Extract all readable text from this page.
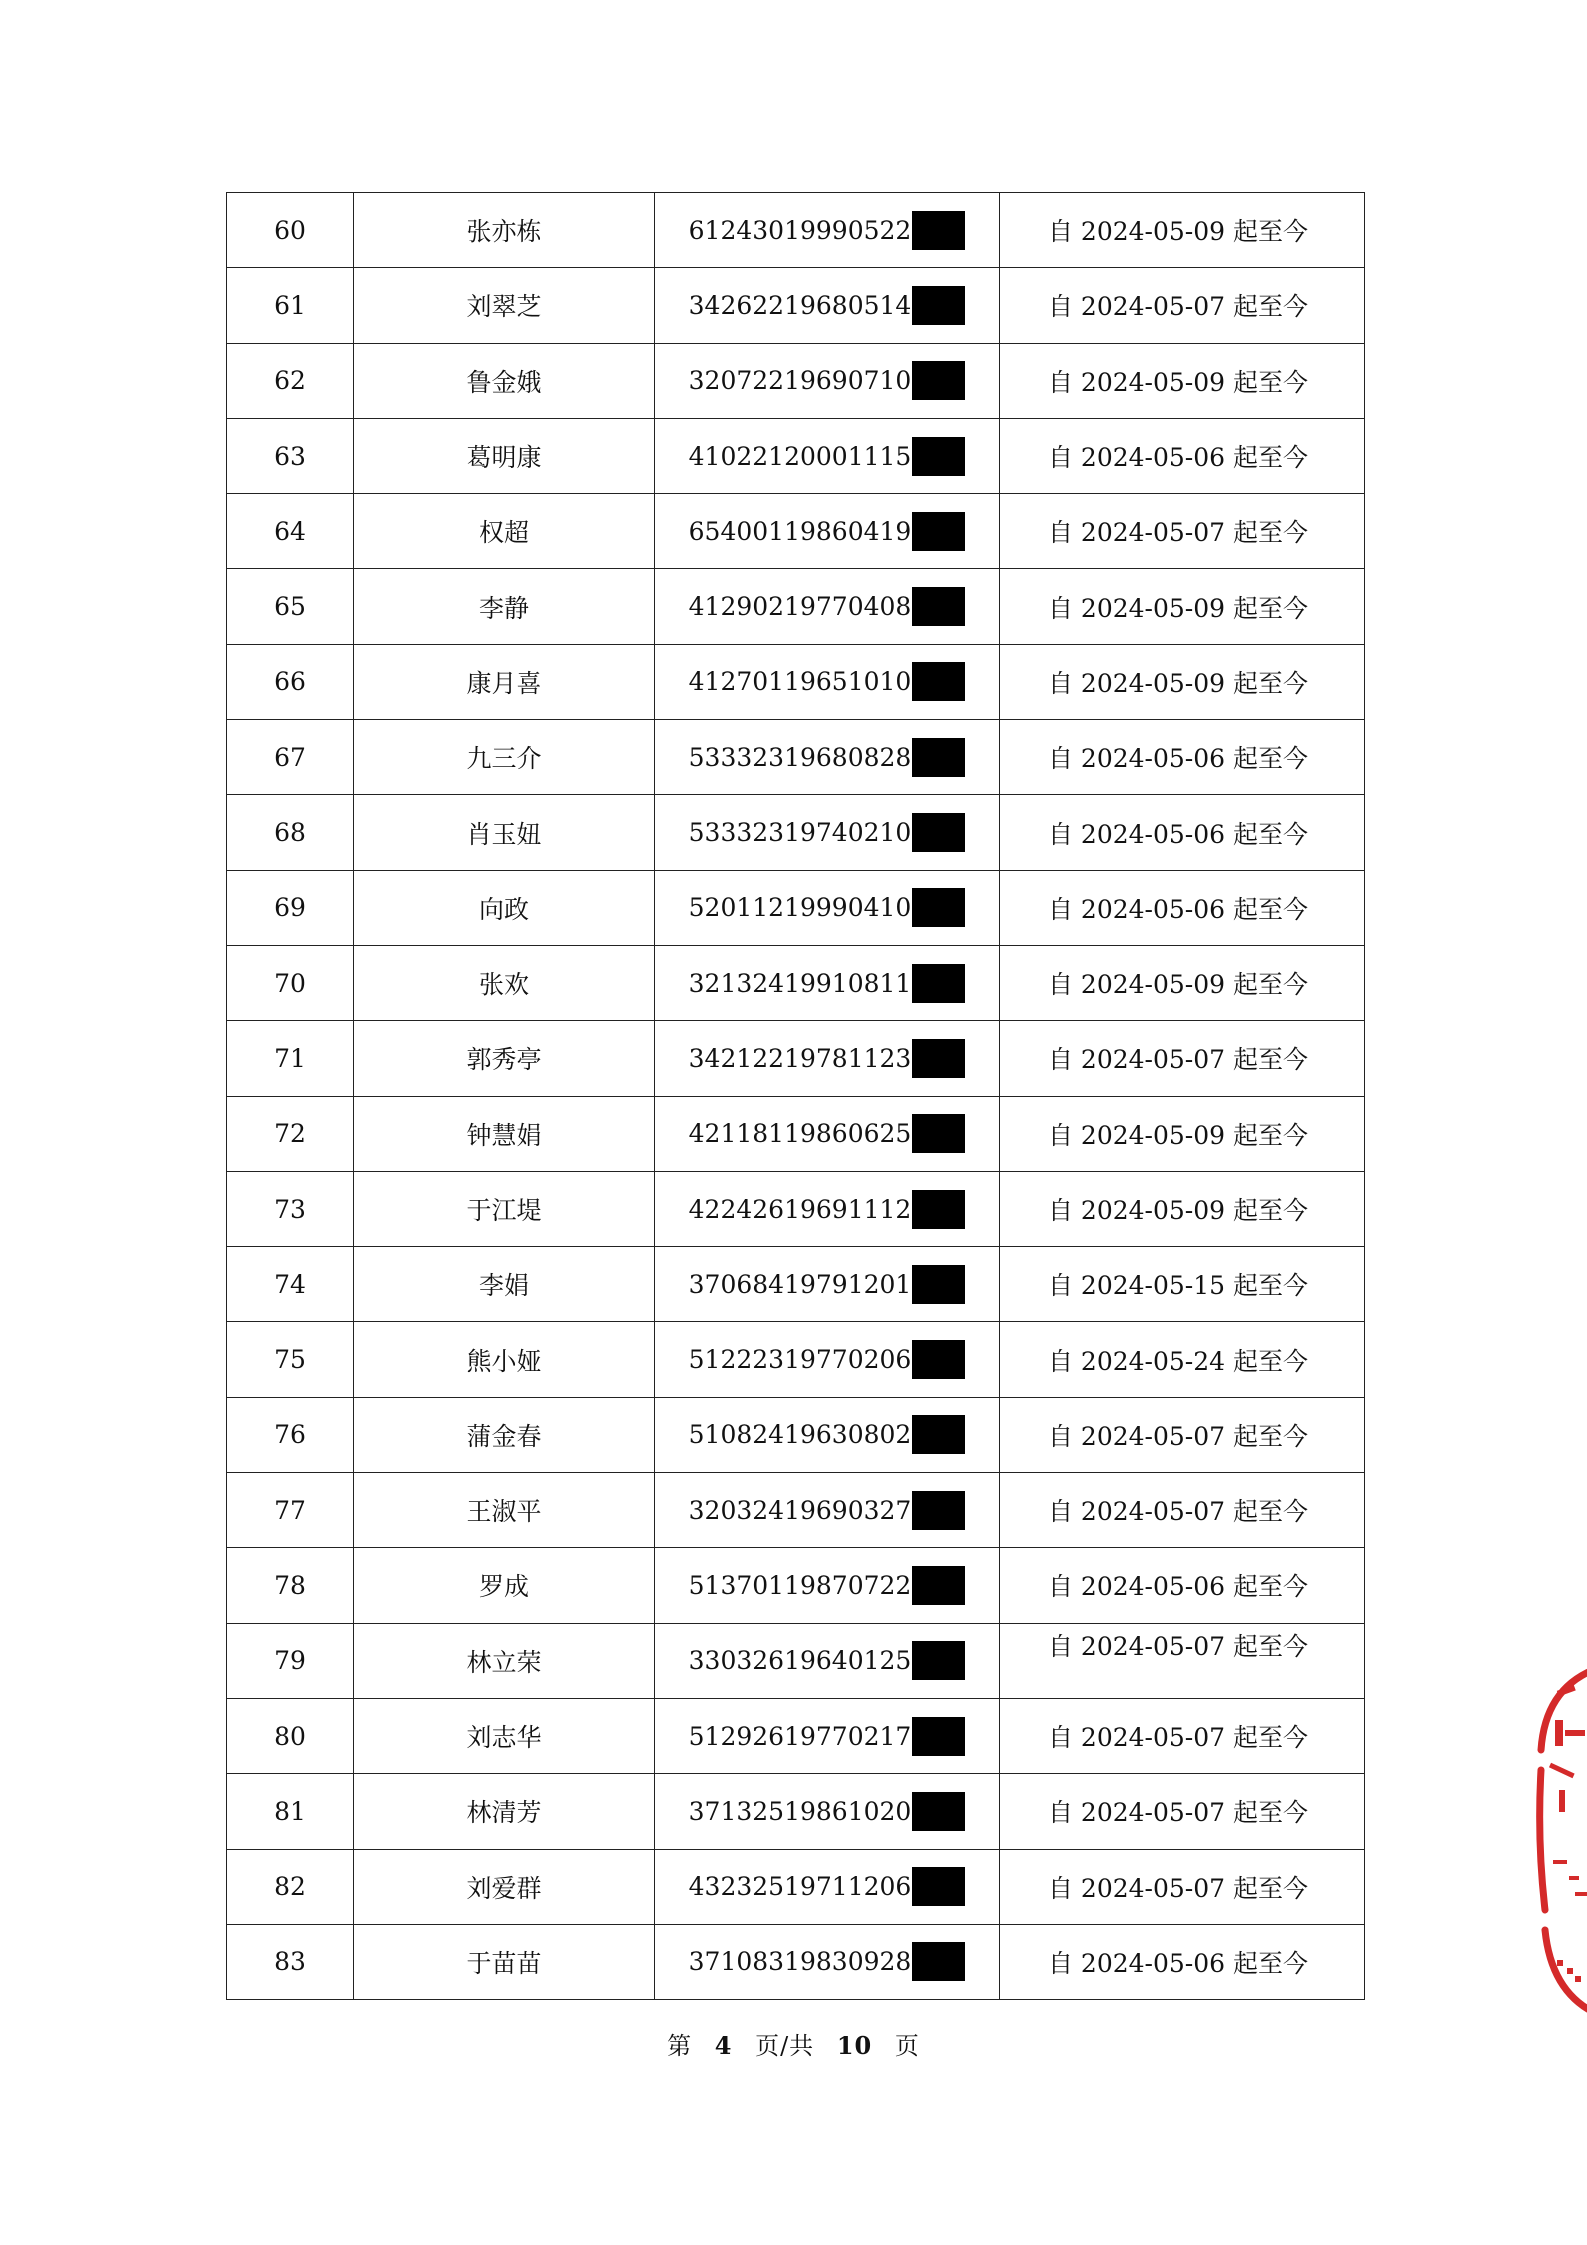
60	张亦栋	61243019990522	自 2024-05-09 起至今
61	刘翠芝	34262219680514	自 2024-05-07 起至今
62	鲁金娥	32072219690710	自 2024-05-09 起至今
63	葛明康	41022120001115	自 2024-05-06 起至今
64	权超	65400119860419	自 2024-05-07 起至今
65	李静	41290219770408	自 2024-05-09 起至今
66	康月喜	41270119651010	自 2024-05-09 起至今
67	九三介	53332319680828	自 2024-05-06 起至今
68	肖玉妞	53332319740210	自 2024-05-06 起至今
69	向政	52011219990410	自 2024-05-06 起至今
70	张欢	32132419910811	自 2024-05-09 起至今
71	郭秀亭	34212219781123	自 2024-05-07 起至今
72	钟慧娟	42118119860625	自 2024-05-09 起至今
73	于江堤	42242619691112	自 2024-05-09 起至今
74	李娟	37068419791201	自 2024-05-15 起至今
75	熊小娅	51222319770206	自 2024-05-24 起至今
76	蒲金春	51082419630802	自 2024-05-07 起至今
77	王淑平	32032419690327	自 2024-05-07 起至今
78	罗成	51370119870722	自 2024-05-06 起至今
79	林立荣	33032619640125	自 2024-05-07 起至今
80	刘志华	51292619770217	自 2024-05-07 起至今
81	林清芳	37132519861020	自 2024-05-07 起至今
82	刘爱群	43232519711206	自 2024-05-07 起至今
83	于苗苗	37108319830928	自 2024-05-06 起至今
第 4 页/共 10 页
